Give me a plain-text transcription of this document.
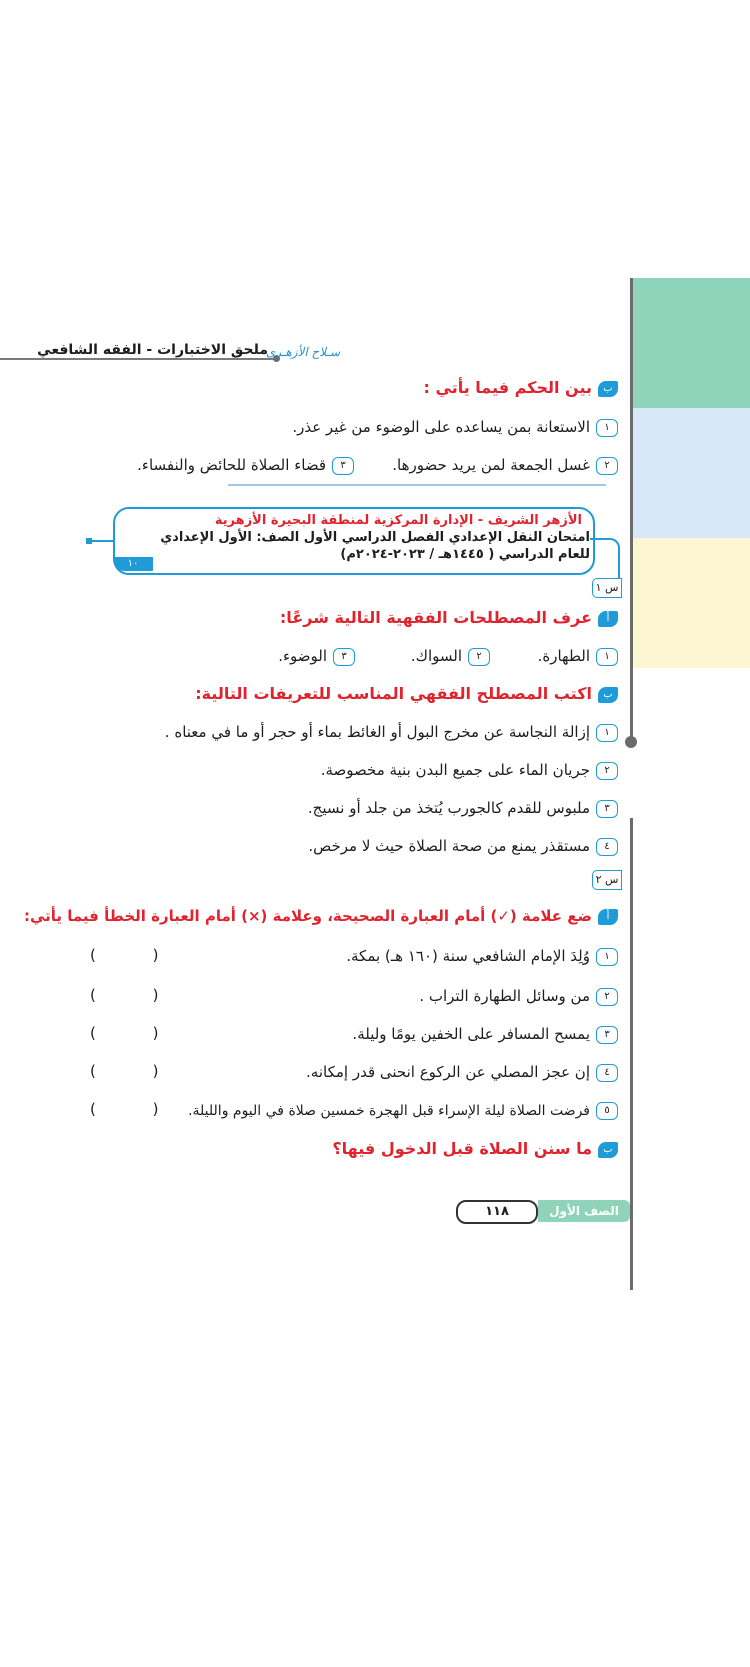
ملحق الاختبارات - الفقه الشافعي
سـلاح الأزهـري
ببين الحكم فيما يأتي :
١الاستعانة بمن يساعده على الوضوء من غير عذر.
٢غسل الجمعة لمن يريد حضورها.
٣قضاء الصلاة للحائض والنفساء.
الأزهر الشريف - الإدارة المركزية لمنطقة البحيرة الأزهرية
امتحان النقل الإعدادي الفصل الدراسي الأول الصف: الأول الإعدادي
للعام الدراسي ( ١٤٤٥هـ / ٢٠٢٣-٢٠٢٤م)
١٠
س ١
أعرف المصطلحات الفقهية التالية شرعًا:
١الطهارة.
٢السواك.
٣الوضوء.
باكتب المصطلح الفقهي المناسب للتعريفات التالية:
١إزالة النجاسة عن مخرج البول أو الغائط بماء أو حجر أو ما في معناه .
٢جريان الماء على جميع البدن بنية مخصوصة.
٣ملبوس للقدم كالجورب يُتخذ من جلد أو نسيج.
٤مستقذر يمنع من صحة الصلاة حيث لا مرخص.
س ٢
أضع علامة (✓) أمام العبارة الصحيحة، وعلامة (×) أمام العبارة الخطأ فيما يأتي:
١وُلِدَ الإمام الشافعي سنة (١٦٠ هـ) بمكة.
( )
٢من وسائل الطهارة التراب .
( )
٣يمسح المسافر على الخفين يومًا وليلة.
( )
٤إن عجز المصلي عن الركوع انحنى قدر إمكانه.
( )
٥فرضت الصلاة ليلة الإسراء قبل الهجرة خمسين صلاة في اليوم والليلة.
( )
بما سنن الصلاة قبل الدخول فيها؟
الصف الأول الإعدادي
١١٨
